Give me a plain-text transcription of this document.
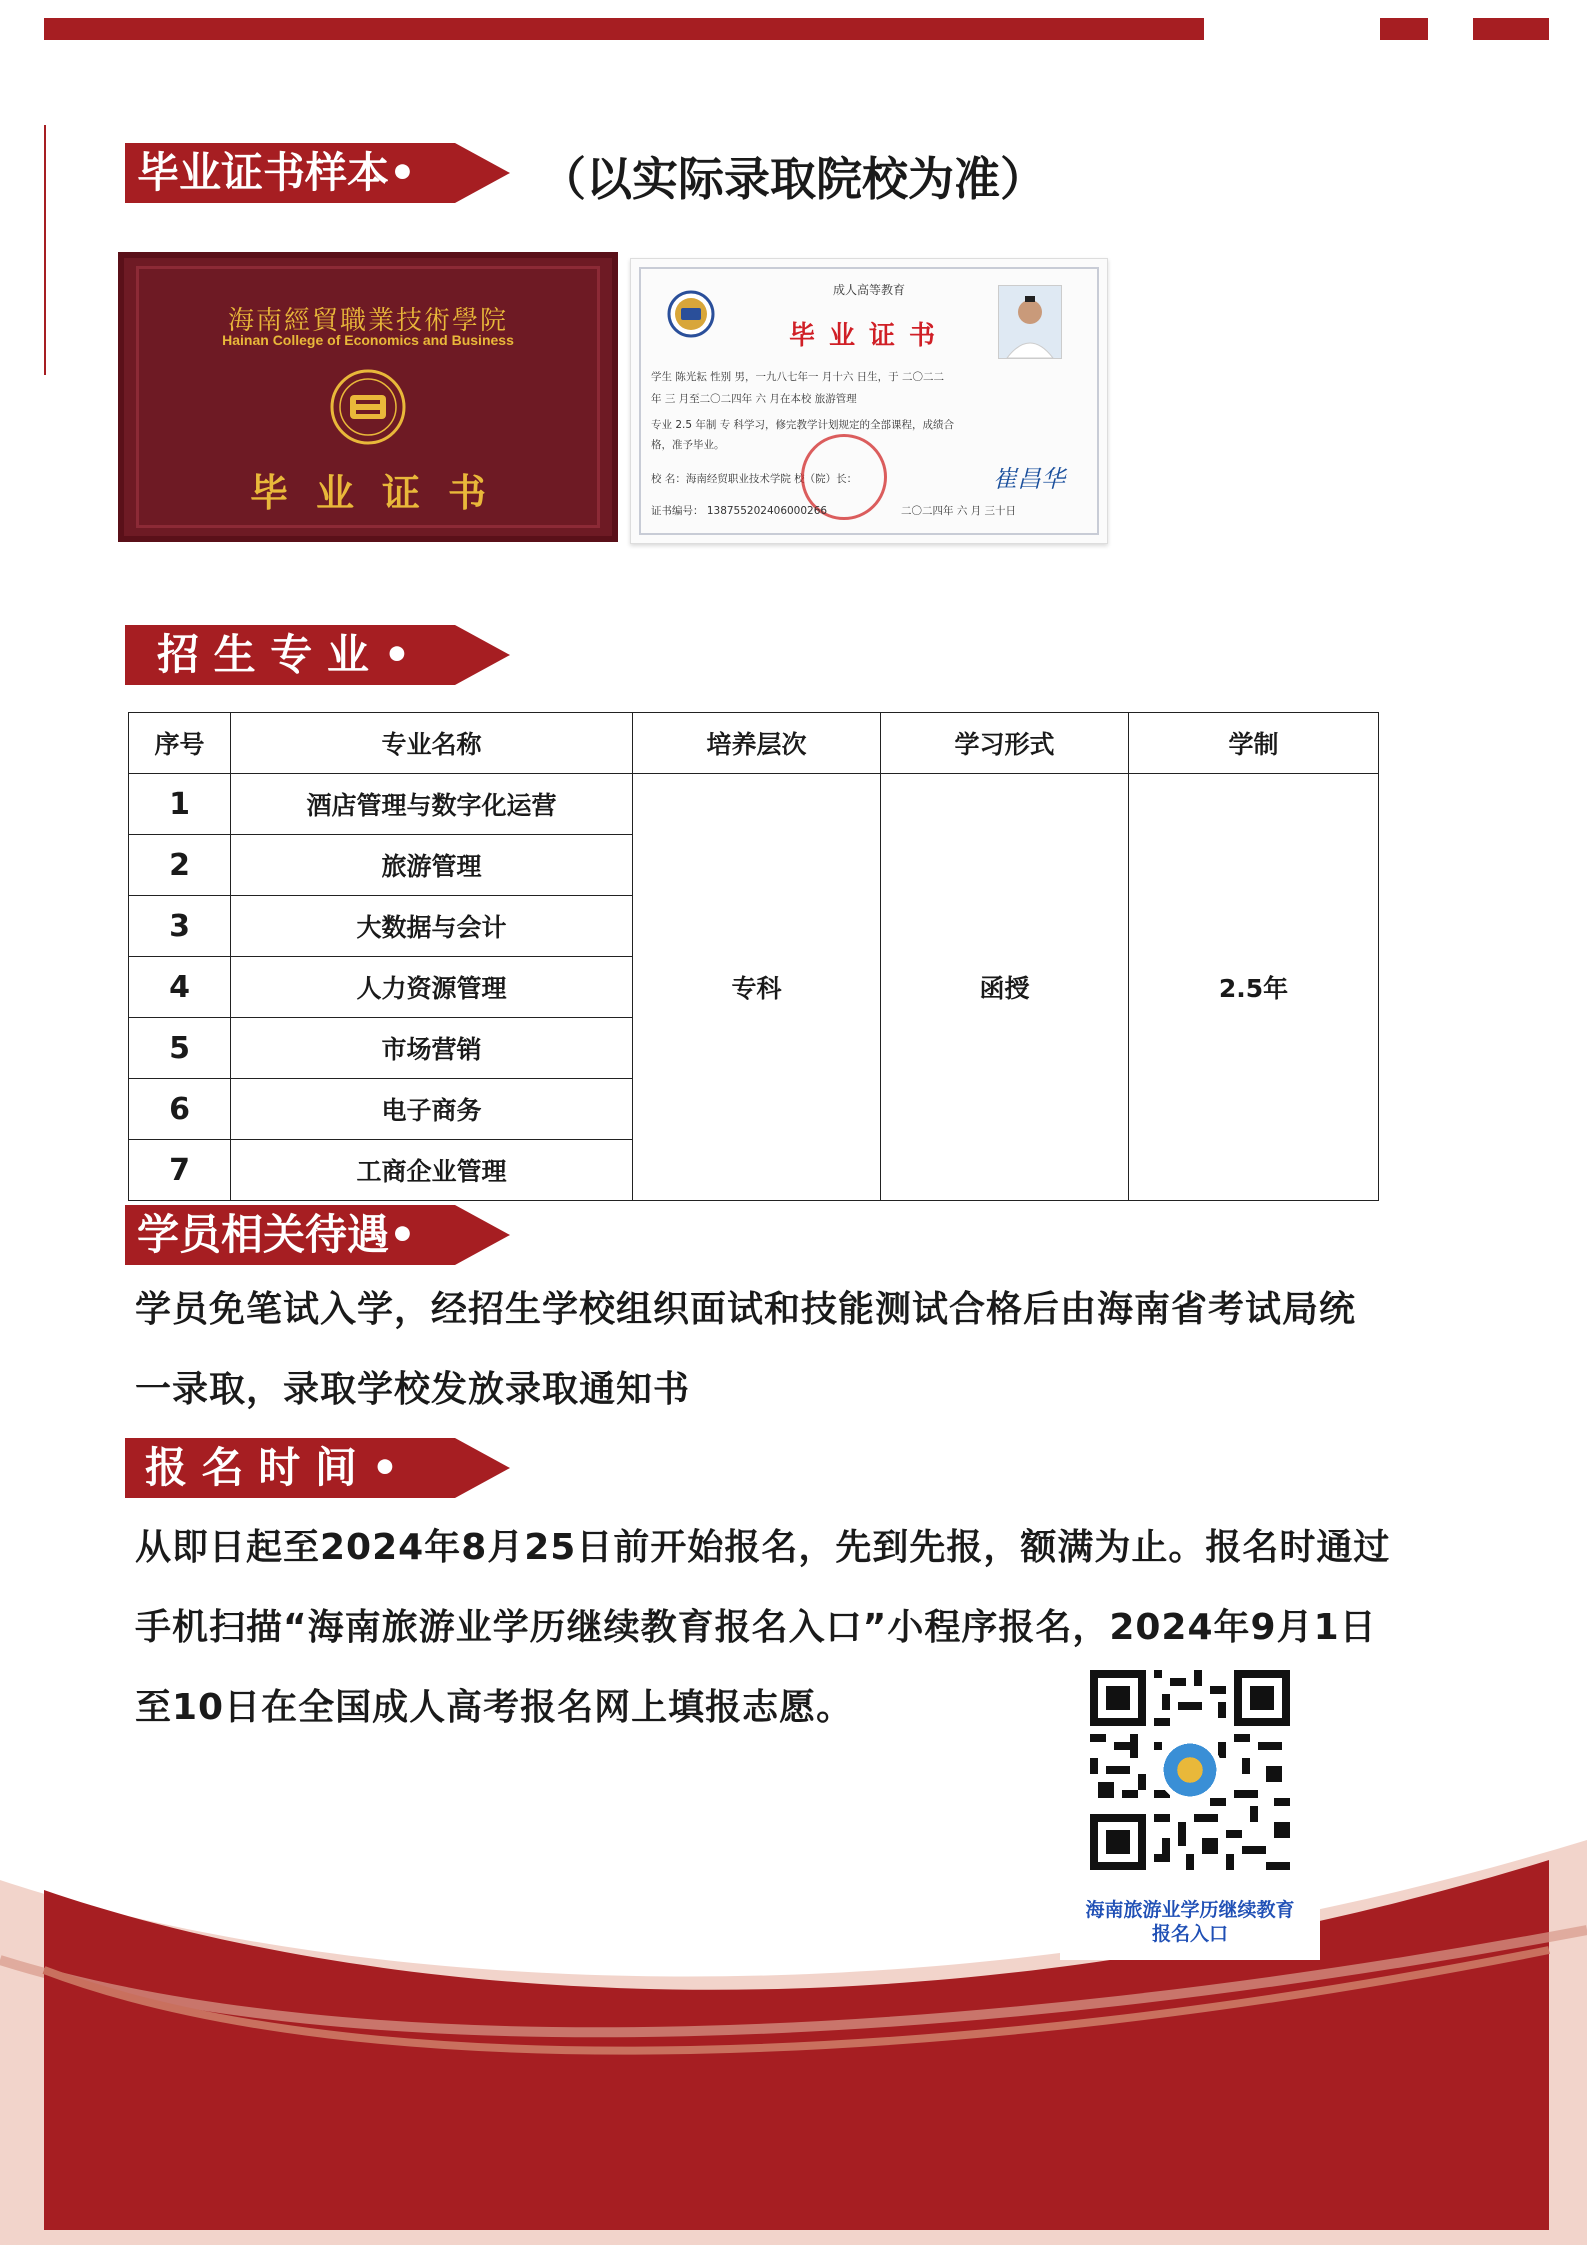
毕业证书样本•	（以实际录取院校为准）
海南經貿職業技術學院
Hainan College of Economics and Business
毕业证书
成人高等教育
毕业证书
学生 陈光耘 性别 男，一九八七年一 月十六 日生，于 二〇二二
年 三 月至二〇二四年 六 月在本校 旅游管理
专业 2.5 年制 专 科学习，修完教学计划规定的全部课程，成绩合
格，准予毕业。
校 名：海南经贸职业技术学院 校（院）长：	崔昌华
证书编号： 138755202406000266	二〇二四年 六 月 三十日
招 生 专 业 •
序号	专业名称	培养层次	学习形式	学制
1	酒店管理与数字化运营	专科	函授	2.5年
2	旅游管理			
3	大数据与会计			
4	人力资源管理			
5	市场营销			
6	电子商务			
7	工商企业管理			
学员相关待遇•
学员免笔试入学，经招生学校组织面试和技能测试合格后由海南省考试局统
一录取，录取学校发放录取通知书
报 名 时 间 •
从即日起至2024年8月25日前开始报名，先到先报，额满为止。报名时通过
手机扫描“海南旅游业学历继续教育报名入口”小程序报名，2024年9月1日
至10日在全国成人高考报名网上填报志愿。
海南旅游业学历继续教育
报名入口
